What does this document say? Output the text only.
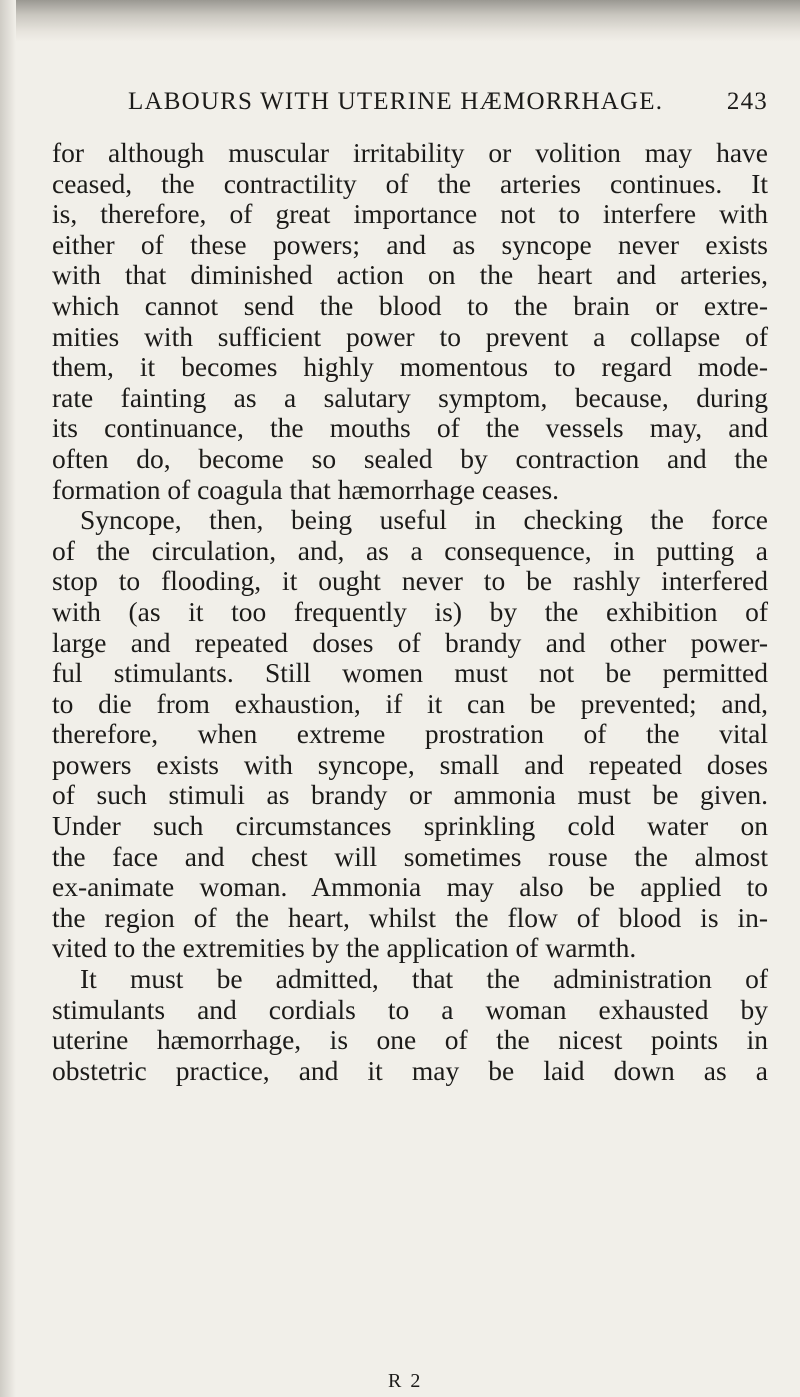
LABOURS WITH UTERINE HÆMORRHAGE.	243
for although muscular irritability or volition may have
ceased, the contractility of the arteries continues. It
is, therefore, of great importance not to interfere with
either of these powers; and as syncope never exists
with that diminished action on the heart and arteries,
which cannot send the blood to the brain or extre-
mities with sufficient power to prevent a collapse of
them, it becomes highly momentous to regard mode-
rate fainting as a salutary symptom, because, during
its continuance, the mouths of the vessels may, and
often do, become so sealed by contraction and the
formation of coagula that hæmorrhage ceases.
Syncope, then, being useful in checking the force
of the circulation, and, as a consequence, in putting a
stop to flooding, it ought never to be rashly interfered
with (as it too frequently is) by the exhibition of
large and repeated doses of brandy and other power-
ful stimulants. Still women must not be permitted
to die from exhaustion, if it can be prevented; and,
therefore, when extreme prostration of the vital
powers exists with syncope, small and repeated doses
of such stimuli as brandy or ammonia must be given.
Under such circumstances sprinkling cold water on
the face and chest will sometimes rouse the almost
ex-animate woman. Ammonia may also be applied to
the region of the heart, whilst the flow of blood is in-
vited to the extremities by the application of warmth.
It must be admitted, that the administration of
stimulants and cordials to a woman exhausted by
uterine hæmorrhage, is one of the nicest points in
obstetric practice, and it may be laid down as a
R 2
